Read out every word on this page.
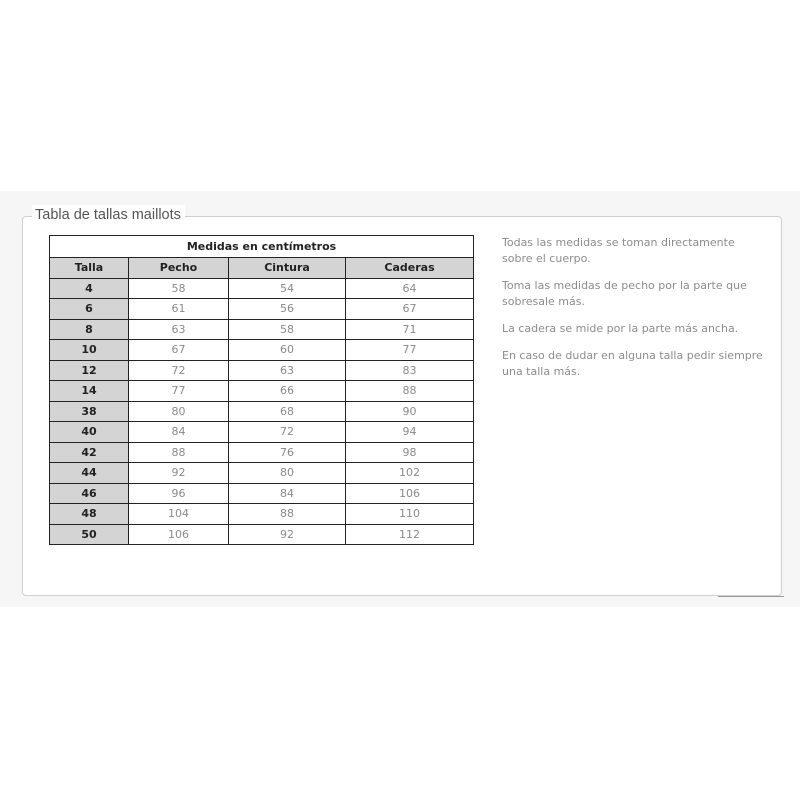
Tabla de tallas maillots
Medidas en centímetros			
Talla	Pecho	Cintura	Caderas
4	58	54	64
6	61	56	67
8	63	58	71
10	67	60	77
12	72	63	83
14	77	66	88
38	80	68	90
40	84	72	94
42	88	76	98
44	92	80	102
46	96	84	106
48	104	88	110
50	106	92	112

Todas las medidas se toman directamente sobre el cuerpo.

Toma las medidas de pecho por la parte que sobresale más.

La cadera se mide por la parte más ancha.

En caso de dudar en alguna talla pedir siempre una talla más.
